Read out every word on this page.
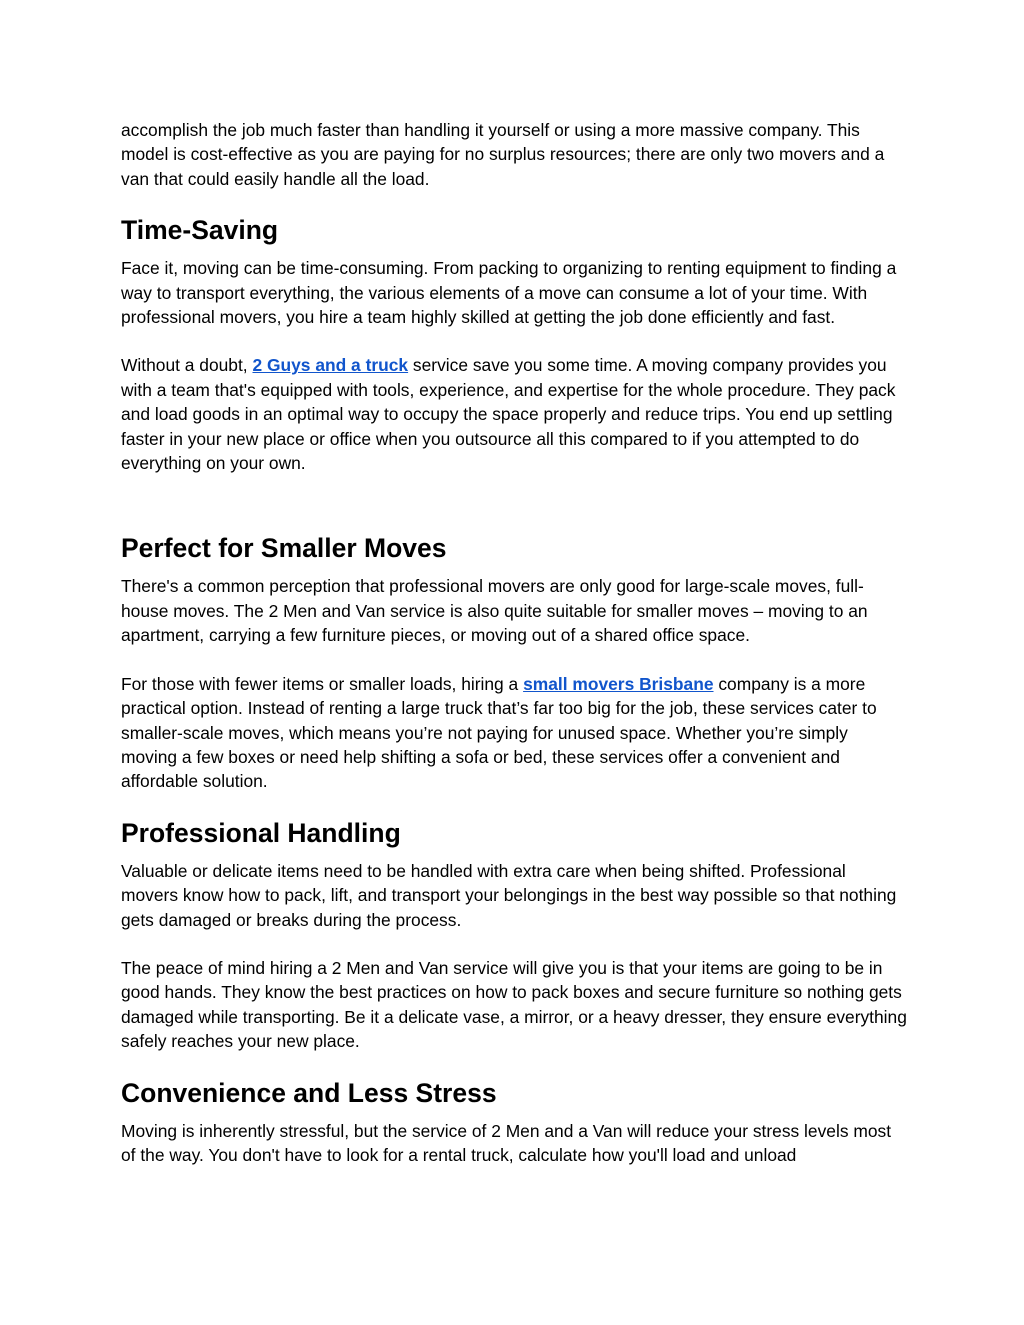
accomplish the job much faster than handling it yourself or using a more massive company. This model is cost-effective as you are paying for no surplus resources; there are only two movers and a van that could easily handle all the load.

Time-Saving

Face it, moving can be time-consuming. From packing to organizing to renting equipment to finding a way to transport everything, the various elements of a move can consume a lot of your time. With professional movers, you hire a team highly skilled at getting the job done efficiently and fast.

Without a doubt, 2 Guys and a truck service save you some time. A moving company provides you with a team that's equipped with tools, experience, and expertise for the whole procedure. They pack and load goods in an optimal way to occupy the space properly and reduce trips. You end up settling faster in your new place or office when you outsource all this compared to if you attempted to do everything on your own.

Perfect for Smaller Moves

There's a common perception that professional movers are only good for large-scale moves, full-house moves. The 2 Men and Van service is also quite suitable for smaller moves – moving to an apartment, carrying a few furniture pieces, or moving out of a shared office space.

For those with fewer items or smaller loads, hiring a small movers Brisbane company is a more practical option. Instead of renting a large truck that’s far too big for the job, these services cater to smaller-scale moves, which means you’re not paying for unused space. Whether you’re simply moving a few boxes or need help shifting a sofa or bed, these services offer a convenient and affordable solution.

Professional Handling

Valuable or delicate items need to be handled with extra care when being shifted. Professional movers know how to pack, lift, and transport your belongings in the best way possible so that nothing gets damaged or breaks during the process.

The peace of mind hiring a 2 Men and Van service will give you is that your items are going to be in good hands. They know the best practices on how to pack boxes and secure furniture so nothing gets damaged while transporting. Be it a delicate vase, a mirror, or a heavy dresser, they ensure everything safely reaches your new place.

Convenience and Less Stress

Moving is inherently stressful, but the service of 2 Men and a Van will reduce your stress levels most of the way. You don't have to look for a rental truck, calculate how you'll load and unload
